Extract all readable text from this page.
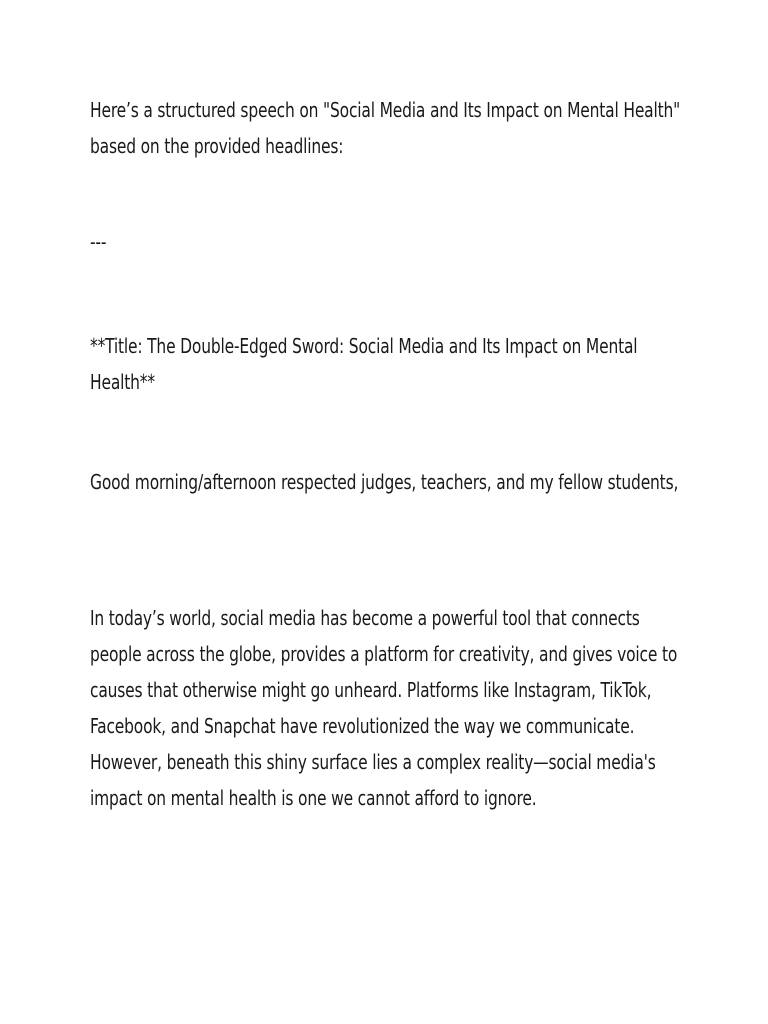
Here’s a structured speech on "Social Media and Its Impact on Mental Health" based on the provided headlines:

---

**Title: The Double-Edged Sword: Social Media and Its Impact on Mental Health**

Good morning/afternoon respected judges, teachers, and my fellow students,

In today’s world, social media has become a powerful tool that connects people across the globe, provides a platform for creativity, and gives voice to causes that otherwise might go unheard. Platforms like Instagram, TikTok, Facebook, and Snapchat have revolutionized the way we communicate. However, beneath this shiny surface lies a complex reality—social media's impact on mental health is one we cannot afford to ignore.
